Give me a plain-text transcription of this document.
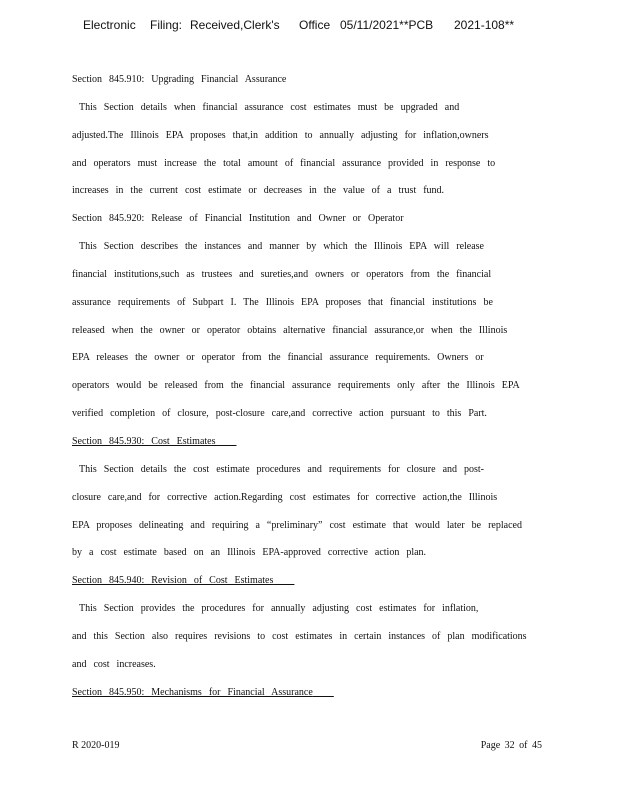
Electronic Filing: Received,Clerk's Office 05/11/2021**PCB 2021-108**
Section 845.910: Upgrading Financial Assurance
This Section details when financial assurance cost estimates must be upgraded and
adjusted.The Illinois EPA proposes that,in addition to annually adjusting for inflation,owners
and operators must increase the total amount of financial assurance provided in response to
increases in the current cost estimate or decreases in the value of a trust fund.
Section 845.920: Release of Financial Institution and Owner or Operator
This Section describes the instances and manner by which the Illinois EPA will release
financial institutions,such as trustees and sureties,and owners or operators from the financial
assurance requirements of Subpart I. The Illinois EPA proposes that financial institutions be
released when the owner or operator obtains alternative financial assurance,or when the Illinois
EPA releases the owner or operator from the financial assurance requirements. Owners or
operators would be released from the financial assurance requirements only after the Illinois EPA
verified completion of closure, post-closure care,and corrective action pursuant to this Part.
Section 845.930: Cost Estimates
This Section details the cost estimate procedures and requirements for closure and post-
closure care,and for corrective action.Regarding cost estimates for corrective action,the Illinois
EPA proposes delineating and requiring a “preliminary” cost estimate that would later be replaced
by a cost estimate based on an Illinois EPA-approved corrective action plan.
Section 845.940: Revision of Cost Estimates
This Section provides the procedures for annually adjusting cost estimates for inflation,
and this Section also requires revisions to cost estimates in certain instances of plan modifications
and cost increases.
Section 845.950: Mechanisms for Financial Assurance
R 2020-019	Page 32 of 45
